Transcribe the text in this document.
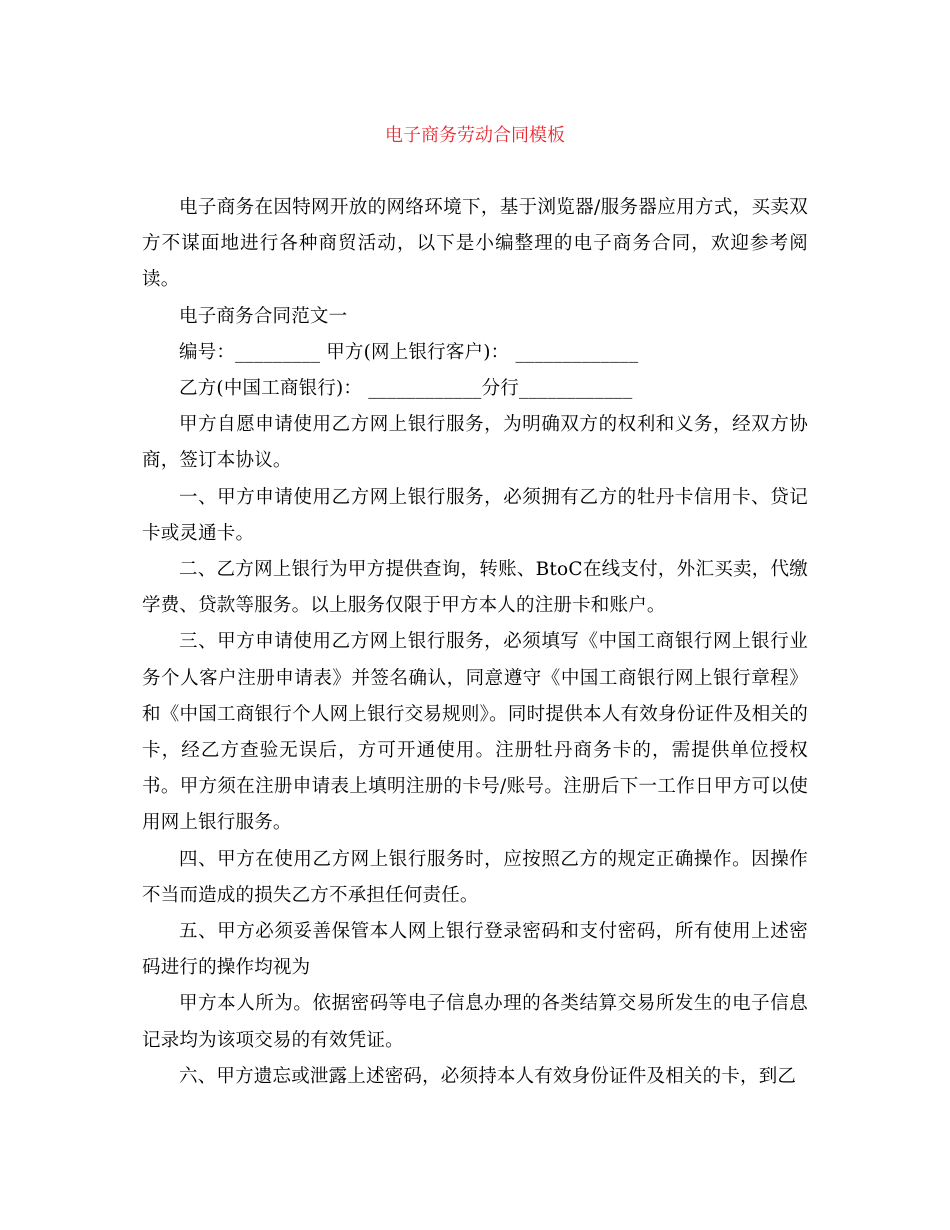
电子商务劳动合同模板

电子商务在因特网开放的网络环境下，基于浏览器/服务器应用方式，买卖双方不谋面地进行各种商贸活动，以下是小编整理的电子商务合同，欢迎参考阅读。

电子商务合同范文一

编号：_________ 甲方(网上银行客户)： _____________

乙方(中国工商银行)： ____________分行____________

甲方自愿申请使用乙方网上银行服务，为明确双方的权利和义务，经双方协商，签订本协议。

一、甲方申请使用乙方网上银行服务，必须拥有乙方的牡丹卡信用卡、贷记卡或灵通卡。

二、乙方网上银行为甲方提供查询，转账、BtoC在线支付，外汇买卖，代缴学费、贷款等服务。以上服务仅限于甲方本人的注册卡和账户。

三、甲方申请使用乙方网上银行服务，必须填写《中国工商银行网上银行业务个人客户注册申请表》并签名确认，同意遵守《中国工商银行网上银行章程》和《中国工商银行个人网上银行交易规则》。同时提供本人有效身份证件及相关的卡，经乙方查验无误后，方可开通使用。注册牡丹商务卡的，需提供单位授权书。甲方须在注册申请表上填明注册的卡号/账号。注册后下一工作日甲方可以使用网上银行服务。

四、甲方在使用乙方网上银行服务时，应按照乙方的规定正确操作。因操作不当而造成的损失乙方不承担任何责任。

五、甲方必须妥善保管本人网上银行登录密码和支付密码，所有使用上述密码进行的操作均视为

甲方本人所为。依据密码等电子信息办理的各类结算交易所发生的电子信息记录均为该项交易的有效凭证。

六、甲方遗忘或泄露上述密码，必须持本人有效身份证件及相关的卡，到乙
